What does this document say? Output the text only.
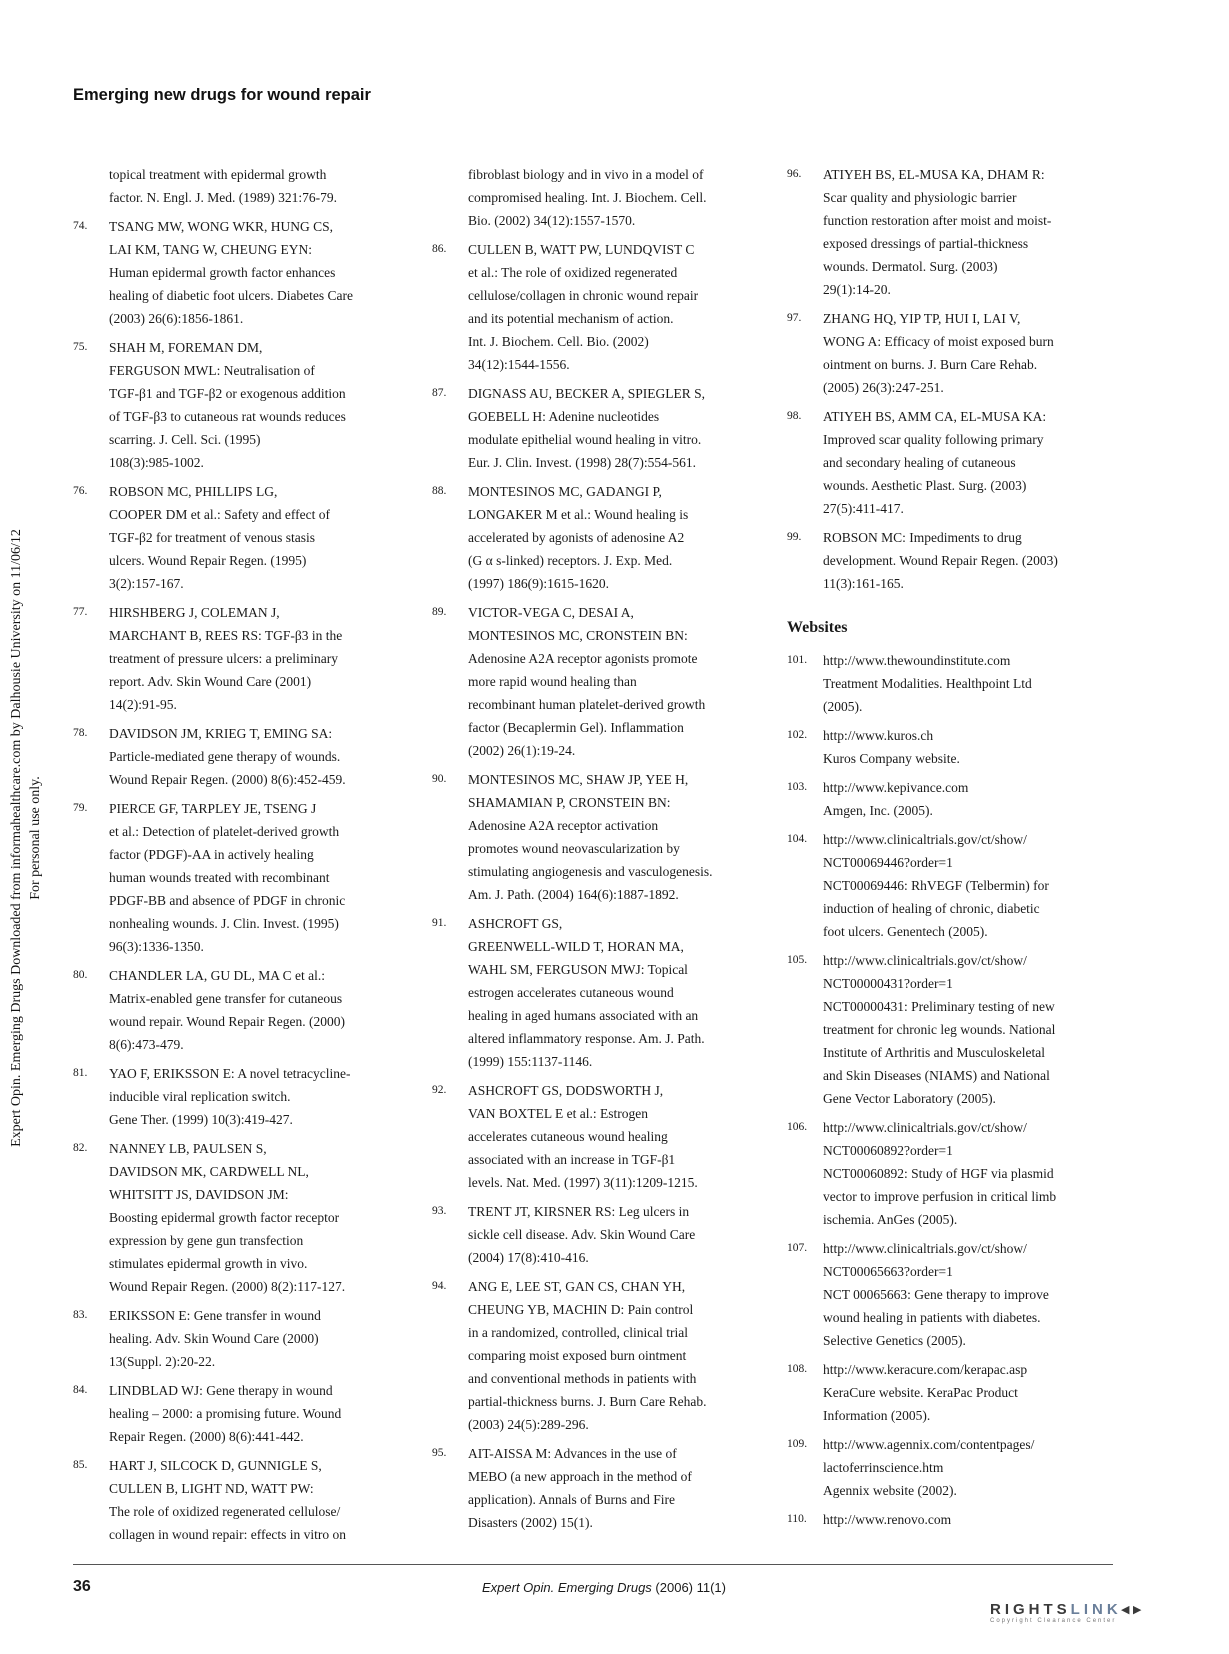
Emerging new drugs for wound repair
Expert Opin. Emerging Drugs Downloaded from informahealthcare.com by Dalhousie University on 11/06/12 For personal use only.
topical treatment with epidermal growth
factor. N. Engl. J. Med. (1989) 321:76-79.
74. TSANG MW, WONG WKR, HUNG CS,
LAI KM, TANG W, CHEUNG EYN:
Human epidermal growth factor enhances
healing of diabetic foot ulcers. Diabetes Care
(2003) 26(6):1856-1861.
75. SHAH M, FOREMAN DM,
FERGUSON MWL: Neutralisation of
TGF-β1 and TGF-β2 or exogenous addition
of TGF-β3 to cutaneous rat wounds reduces
scarring. J. Cell. Sci. (1995)
108(3):985-1002.
76. ROBSON MC, PHILLIPS LG,
COOPER DM et al.: Safety and effect of
TGF-β2 for treatment of venous stasis
ulcers. Wound Repair Regen. (1995)
3(2):157-167.
77. HIRSHBERG J, COLEMAN J,
MARCHANT B, REES RS: TGF-β3 in the
treatment of pressure ulcers: a preliminary
report. Adv. Skin Wound Care (2001)
14(2):91-95.
78. DAVIDSON JM, KRIEG T, EMING SA:
Particle-mediated gene therapy of wounds.
Wound Repair Regen. (2000) 8(6):452-459.
79. PIERCE GF, TARPLEY JE, TSENG J
et al.: Detection of platelet-derived growth
factor (PDGF)-AA in actively healing
human wounds treated with recombinant
PDGF-BB and absence of PDGF in chronic
nonhealing wounds. J. Clin. Invest. (1995)
96(3):1336-1350.
80. CHANDLER LA, GU DL, MA C et al.:
Matrix-enabled gene transfer for cutaneous
wound repair. Wound Repair Regen. (2000)
8(6):473-479.
81. YAO F, ERIKSSON E: A novel tetracycline-
inducible viral replication switch.
Gene Ther. (1999) 10(3):419-427.
82. NANNEY LB, PAULSEN S,
DAVIDSON MK, CARDWELL NL,
WHITSITT JS, DAVIDSON JM:
Boosting epidermal growth factor receptor
expression by gene gun transfection
stimulates epidermal growth in vivo.
Wound Repair Regen. (2000) 8(2):117-127.
83. ERIKSSON E: Gene transfer in wound
healing. Adv. Skin Wound Care (2000)
13(Suppl. 2):20-22.
84. LINDBLAD WJ: Gene therapy in wound
healing – 2000: a promising future. Wound
Repair Regen. (2000) 8(6):441-442.
85. HART J, SILCOCK D, GUNNIGLE S,
CULLEN B, LIGHT ND, WATT PW:
The role of oxidized regenerated cellulose/
collagen in wound repair: effects in vitro on
fibroblast biology and in vivo in a model of
compromised healing. Int. J. Biochem. Cell.
Bio. (2002) 34(12):1557-1570.
86. CULLEN B, WATT PW, LUNDQVIST C
et al.: The role of oxidized regenerated
cellulose/collagen in chronic wound repair
and its potential mechanism of action.
Int. J. Biochem. Cell. Bio. (2002)
34(12):1544-1556.
87. DIGNASS AU, BECKER A, SPIEGLER S,
GOEBELL H: Adenine nucleotides
modulate epithelial wound healing in vitro.
Eur. J. Clin. Invest. (1998) 28(7):554-561.
88. MONTESINOS MC, GADANGI P,
LONGAKER M et al.: Wound healing is
accelerated by agonists of adenosine A2
(G α s-linked) receptors. J. Exp. Med.
(1997) 186(9):1615-1620.
89. VICTOR-VEGA C, DESAI A,
MONTESINOS MC, CRONSTEIN BN:
Adenosine A2A receptor agonists promote
more rapid wound healing than
recombinant human platelet-derived growth
factor (Becaplermin Gel). Inflammation
(2002) 26(1):19-24.
90. MONTESINOS MC, SHAW JP, YEE H,
SHAMAMIAN P, CRONSTEIN BN:
Adenosine A2A receptor activation
promotes wound neovascularization by
stimulating angiogenesis and vasculogenesis.
Am. J. Path. (2004) 164(6):1887-1892.
91. ASHCROFT GS,
GREENWELL-WILD T, HORAN MA,
WAHL SM, FERGUSON MWJ: Topical
estrogen accelerates cutaneous wound
healing in aged humans associated with an
altered inflammatory response. Am. J. Path.
(1999) 155:1137-1146.
92. ASHCROFT GS, DODSWORTH J,
VAN BOXTEL E et al.: Estrogen
accelerates cutaneous wound healing
associated with an increase in TGF-β1
levels. Nat. Med. (1997) 3(11):1209-1215.
93. TRENT JT, KIRSNER RS: Leg ulcers in
sickle cell disease. Adv. Skin Wound Care
(2004) 17(8):410-416.
94. ANG E, LEE ST, GAN CS, CHAN YH,
CHEUNG YB, MACHIN D: Pain control
in a randomized, controlled, clinical trial
comparing moist exposed burn ointment
and conventional methods in patients with
partial-thickness burns. J. Burn Care Rehab.
(2003) 24(5):289-296.
95. AIT-AISSA M: Advances in the use of
MEBO (a new approach in the method of
application). Annals of Burns and Fire
Disasters (2002) 15(1).
96. ATIYEH BS, EL-MUSA KA, DHAM R:
Scar quality and physiologic barrier
function restoration after moist and moist-
exposed dressings of partial-thickness
wounds. Dermatol. Surg. (2003)
29(1):14-20.
97. ZHANG HQ, YIP TP, HUI I, LAI V,
WONG A: Efficacy of moist exposed burn
ointment on burns. J. Burn Care Rehab.
(2005) 26(3):247-251.
98. ATIYEH BS, AMM CA, EL-MUSA KA:
Improved scar quality following primary
and secondary healing of cutaneous
wounds. Aesthetic Plast. Surg. (2003)
27(5):411-417.
99. ROBSON MC: Impediments to drug
development. Wound Repair Regen. (2003)
11(3):161-165.
Websites
101. http://www.thewoundinstitute.com
Treatment Modalities. Healthpoint Ltd
(2005).
102. http://www.kuros.ch
Kuros Company website.
103. http://www.kepivance.com
Amgen, Inc. (2005).
104. http://www.clinicaltrials.gov/ct/show/
NCT00069446?order=1
NCT00069446: RhVEGF (Telbermin) for
induction of healing of chronic, diabetic
foot ulcers. Genentech (2005).
105. http://www.clinicaltrials.gov/ct/show/
NCT00000431?order=1
NCT00000431: Preliminary testing of new
treatment for chronic leg wounds. National
Institute of Arthritis and Musculoskeletal
and Skin Diseases (NIAMS) and National
Gene Vector Laboratory (2005).
106. http://www.clinicaltrials.gov/ct/show/
NCT00060892?order=1
NCT00060892: Study of HGF via plasmid
vector to improve perfusion in critical limb
ischemia. AnGes (2005).
107. http://www.clinicaltrials.gov/ct/show/
NCT00065663?order=1
NCT 00065663: Gene therapy to improve
wound healing in patients with diabetes.
Selective Genetics (2005).
108. http://www.keracure.com/kerapac.asp
KeraCure website. KeraPac Product
Information (2005).
109. http://www.agennix.com/contentpages/
lactoferrinscience.htm
Agennix website (2002).
110. http://www.renovo.com
36	Expert Opin. Emerging Drugs (2006) 11(1)
RIGHTSLINK◂▸
Copyright Clearance Center
